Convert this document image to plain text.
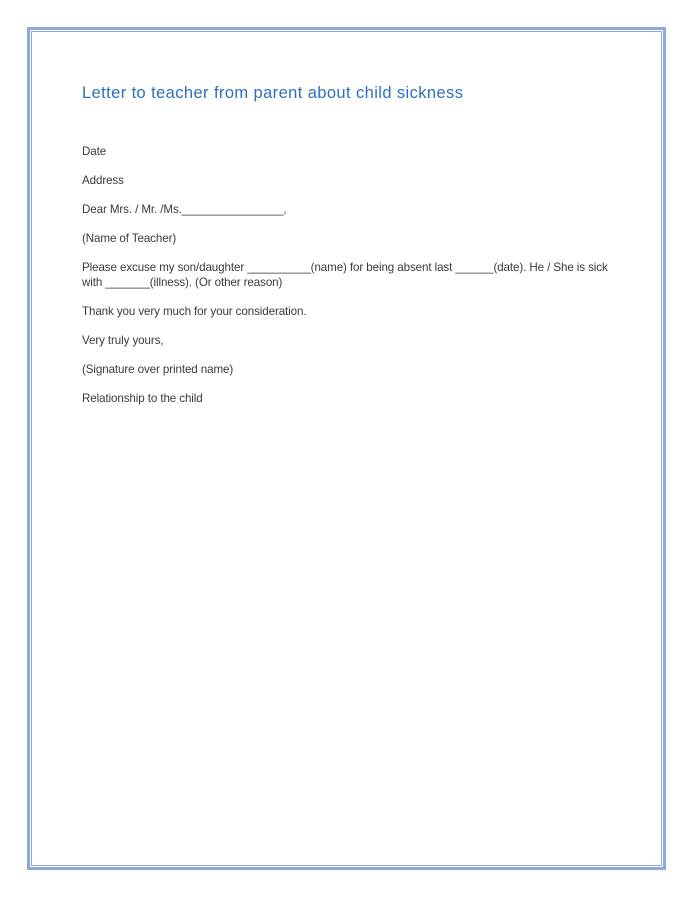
Letter to teacher from parent about child sickness

Date

Address

Dear Mrs. / Mr. /Ms.________________,

(Name of Teacher)

Please excuse my son/daughter __________(name) for being absent last ______(date). He / She is sick with _______(illness). (Or other reason)

Thank you very much for your consideration.

Very truly yours,

(Signature over printed name)

Relationship to the child
